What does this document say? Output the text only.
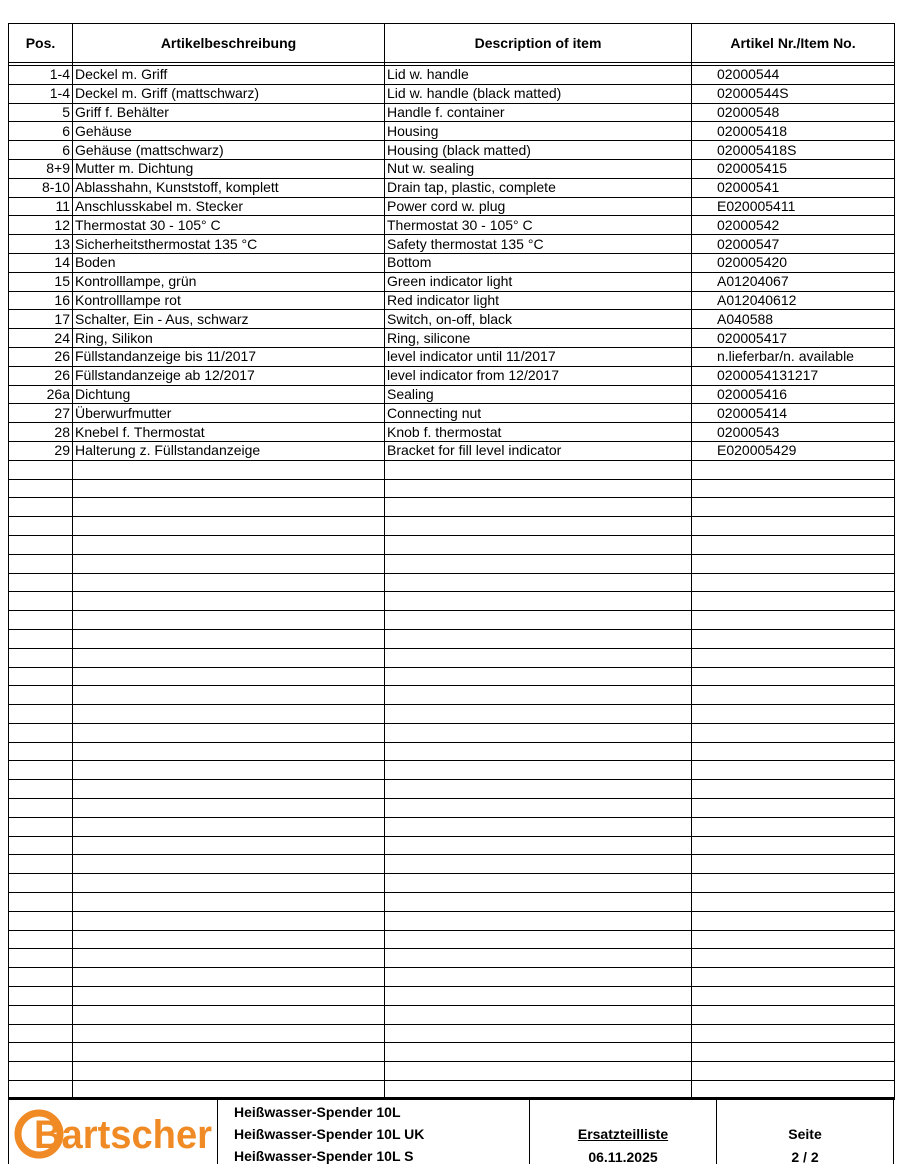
Pos.	Artikelbeschreibung	Description of item	Artikel Nr./Item No.

1-4	Deckel m. Griff	Lid w. handle	02000544
1-4	Deckel m. Griff (mattschwarz)	Lid w. handle (black matted)	02000544S
5	Griff f. Behälter	Handle f. container	02000548
6	Gehäuse	Housing	020005418
6	Gehäuse (mattschwarz)	Housing (black matted)	020005418S
8+9	Mutter m. Dichtung	Nut w. sealing	020005415
8-10	Ablasshahn, Kunststoff, komplett	Drain tap, plastic, complete	02000541
11	Anschlusskabel m. Stecker	Power cord w. plug	E020005411
12	Thermostat 30 - 105° C	Thermostat 30 - 105° C	02000542
13	Sicherheitsthermostat 135 °C	Safety thermostat 135 °C	02000547
14	Boden	Bottom	020005420
15	Kontrolllampe, grün	Green indicator light	A01204067
16	Kontrolllampe rot	Red indicator light	A012040612
17	Schalter, Ein - Aus, schwarz	Switch, on-off, black	A040588
24	Ring, Silikon	Ring, silicone	020005417
26	Füllstandanzeige bis 11/2017	level indicator until 11/2017	n.lieferbar/n. available
26	Füllstandanzeige ab 12/2017	level indicator from 12/2017	0200054131217
26a	Dichtung	Sealing	020005416
27	Überwurfmutter	Connecting nut	020005414
28	Knebel f. Thermostat	Knob f. thermostat	02000543
29	Halterung z. Füllstandanzeige	Bracket for fill level indicator	E020005429

Bartscher
Heißwasser-Spender 10L
Heißwasser-Spender 10L UK
Heißwasser-Spender 10L S
Ersatzteilliste
06.11.2025
Seite
2 / 2
